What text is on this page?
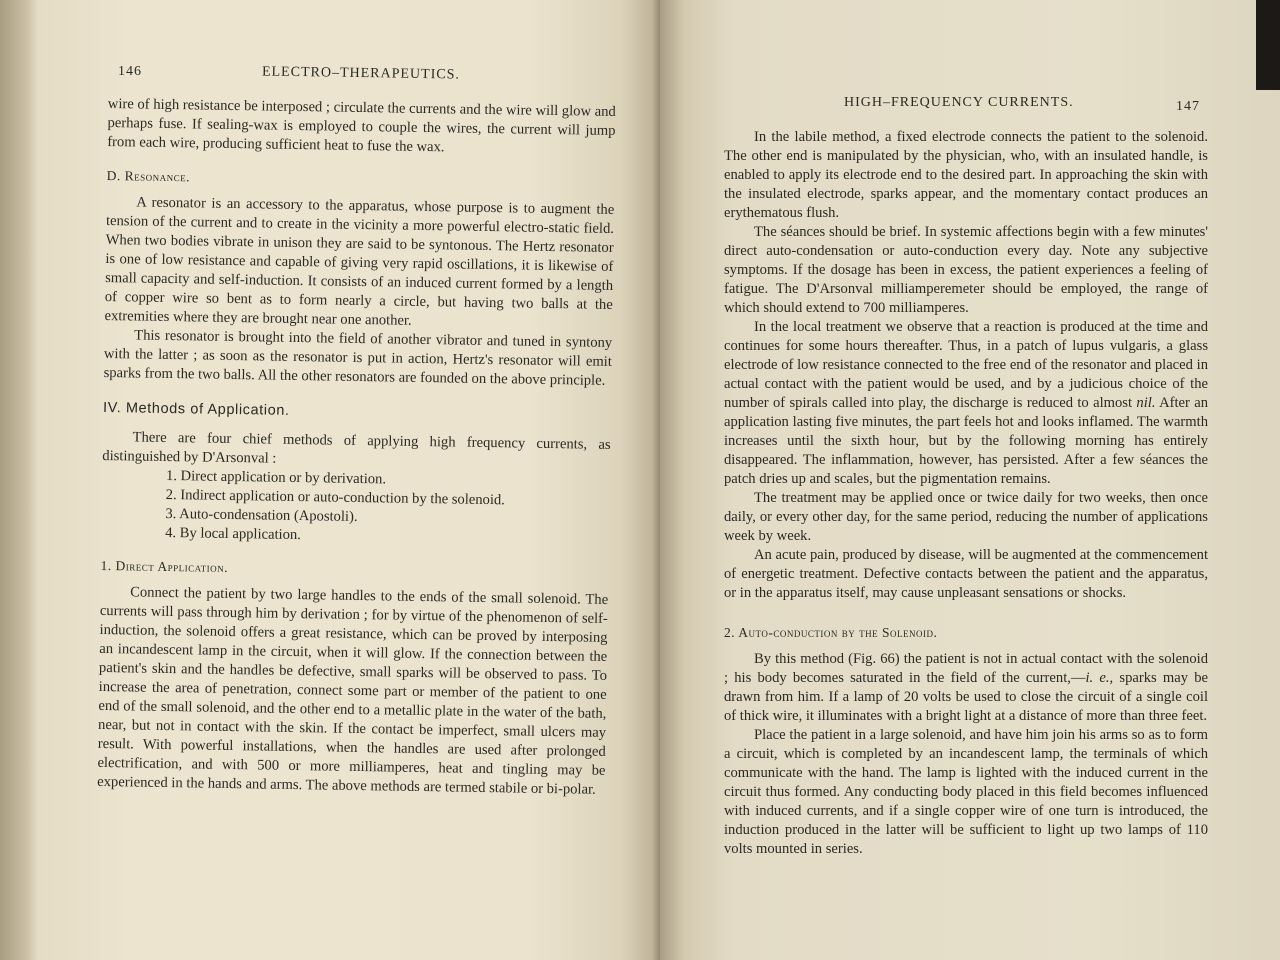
146	ELECTRO–THERAPEUTICS.

wire of high resistance be interposed ; circulate the currents and the wire will glow and perhaps fuse. If sealing-wax is employed to couple the wires, the current will jump from each wire, producing sufficient heat to fuse the wax.

D. Resonance.

A resonator is an accessory to the apparatus, whose purpose is to augment the tension of the current and to create in the vicinity a more powerful electro-static field. When two bodies vibrate in unison they are said to be syntonous. The Hertz resonator is one of low resistance and capable of giving very rapid oscillations, it is likewise of small capacity and self-induction. It consists of an induced current formed by a length of copper wire so bent as to form nearly a circle, but having two balls at the extremities where they are brought near one another.

This resonator is brought into the field of another vibrator and tuned in syntony with the latter ; as soon as the resonator is put in action, Hertz's resonator will emit sparks from the two balls. All the other resonators are founded on the above principle.

IV. Methods of Application.

There are four chief methods of applying high frequency currents, as distinguished by D'Arsonval :

1. Direct application or by derivation.
2. Indirect application or auto-conduction by the solenoid.
3. Auto-condensation (Apostoli).
4. By local application.
1. Direct Application.

Connect the patient by two large handles to the ends of the small solenoid. The currents will pass through him by derivation ; for by virtue of the phenomenon of self-induction, the solenoid offers a great resistance, which can be proved by interposing an incandescent lamp in the circuit, when it will glow. If the connection between the patient's skin and the handles be defective, small sparks will be observed to pass. To increase the area of penetration, connect some part or member of the patient to one end of the small solenoid, and the other end to a metallic plate in the water of the bath, near, but not in contact with the skin. If the contact be imperfect, small ulcers may result. With powerful installations, when the handles are used after prolonged electrification, and with 500 or more milliamperes, heat and tingling may be experienced in the hands and arms. The above methods are termed stabile or bi-polar.

HIGH–FREQUENCY CURRENTS.	147

In the labile method, a fixed electrode connects the patient to the solenoid. The other end is manipulated by the physician, who, with an insulated handle, is enabled to apply its electrode end to the desired part. In approaching the skin with the insulated electrode, sparks appear, and the momentary contact produces an erythematous flush.

The séances should be brief. In systemic affections begin with a few minutes' direct auto-condensation or auto-conduction every day. Note any subjective symptoms. If the dosage has been in excess, the patient experiences a feeling of fatigue. The D'Arsonval milliamperemeter should be employed, the range of which should extend to 700 milliamperes.

In the local treatment we observe that a reaction is produced at the time and continues for some hours thereafter. Thus, in a patch of lupus vulgaris, a glass electrode of low resistance connected to the free end of the resonator and placed in actual contact with the patient would be used, and by a judicious choice of the number of spirals called into play, the discharge is reduced to almost nil. After an application lasting five minutes, the part feels hot and looks inflamed. The warmth increases until the sixth hour, but by the following morning has entirely disappeared. The inflammation, however, has persisted. After a few séances the patch dries up and scales, but the pigmentation remains.

The treatment may be applied once or twice daily for two weeks, then once daily, or every other day, for the same period, reducing the number of applications week by week.

An acute pain, produced by disease, will be augmented at the commencement of energetic treatment. Defective contacts between the patient and the apparatus, or in the apparatus itself, may cause unpleasant sensations or shocks.

2. Auto-conduction by the Solenoid.

By this method (Fig. 66) the patient is not in actual contact with the solenoid ; his body becomes saturated in the field of the current,—i. e., sparks may be drawn from him. If a lamp of 20 volts be used to close the circuit of a single coil of thick wire, it illuminates with a bright light at a distance of more than three feet.

Place the patient in a large solenoid, and have him join his arms so as to form a circuit, which is completed by an incandescent lamp, the terminals of which communicate with the hand. The lamp is lighted with the induced current in the circuit thus formed. Any conducting body placed in this field becomes influenced with induced currents, and if a single copper wire of one turn is introduced, the induction produced in the latter will be sufficient to light up two lamps of 110 volts mounted in series.
